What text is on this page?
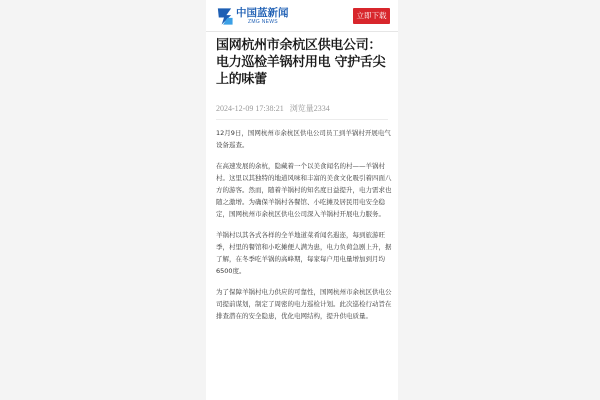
中国蓝新闻
ZMG NEWS
立即下载
国网杭州市余杭区供电公司：电力巡检羊锅村用电 守护舌尖上的味蕾
2024-12-09 17:38:21 浏览量2334

12月9日，国网杭州市余杭区供电公司员工到羊锅村开展电气设备巡查。

在高速发展的余杭，隐藏着一个以美食闻名的村——羊锅村村。这里以其独特的地道风味和丰富的美食文化吸引着四面八方的游客。然而，随着羊锅村的知名度日益提升，电力需求也随之激增。为确保羊锅村各餐馆、小吃摊及居民用电安全稳定，国网杭州市余杭区供电公司深入羊锅村开展电力服务。

羊锅村以其各式各样的全羊地道菜肴闻名遐迩，每到旅游旺季，村里的餐馆和小吃摊便人满为患，电力负荷急剧上升，据了解，在冬季吃羊锅的高峰期，每家每户用电量增加到月均6500度。

为了保障羊锅村电力供应的可靠性，国网杭州市余杭区供电公司提前谋划，制定了周密的电力巡检计划。此次巡检行动旨在排查潜在的安全隐患，优化电网结构，提升供电质量。
